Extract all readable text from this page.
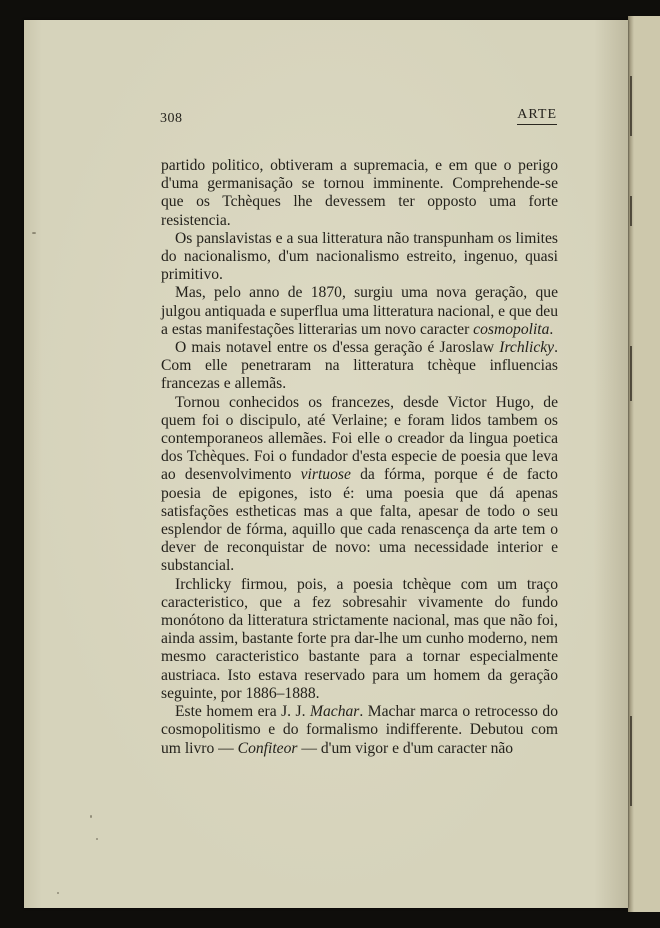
308	ARTE

partido politico, obtiveram a supremacia, e em que o perigo d'uma germanisação se tornou imminente. Comprehende-se que os Tchèques lhe devessem ter opposto uma forte resistencia.

Os panslavistas e a sua litteratura não transpunham os limites do nacionalismo, d'um nacionalismo estreito, ingenuo, quasi primitivo.

Mas, pelo anno de 1870, surgiu uma nova geração, que julgou antiquada e superflua uma litteratura nacional, e que deu a estas manifestações litterarias um novo caracter cosmopolita.

O mais notavel entre os d'essa geração é Jaroslaw Irchlicky. Com elle penetraram na litteratura tchèque influencias francezas e allemãs.

Tornou conhecidos os francezes, desde Victor Hugo, de quem foi o discipulo, até Verlaine; e foram lidos tambem os contemporaneos allemães. Foi elle o creador da lingua poetica dos Tchèques. Foi o fundador d'esta especie de poesia que leva ao desenvolvimento virtuose da fórma, porque é de facto poesia de epigones, isto é: uma poesia que dá apenas satisfações estheticas mas a que falta, apesar de todo o seu esplendor de fórma, aquillo que cada renascença da arte tem o dever de reconquistar de novo: uma necessidade interior e substancial.

Irchlicky firmou, pois, a poesia tchèque com um traço caracteristico, que a fez sobresahir vivamente do fundo monótono da litteratura strictamente nacional, mas que não foi, ainda assim, bastante forte pra dar-lhe um cunho moderno, nem mesmo caracteristico bastante para a tornar especialmente austriaca. Isto estava reservado para um homem da geração seguinte, por 1886–1888.

Este homem era J. J. Machar. Machar marca o retrocesso do cosmopolitismo e do formalismo indifferente. Debutou com um livro — Confiteor — d'um vigor e d'um caracter não
